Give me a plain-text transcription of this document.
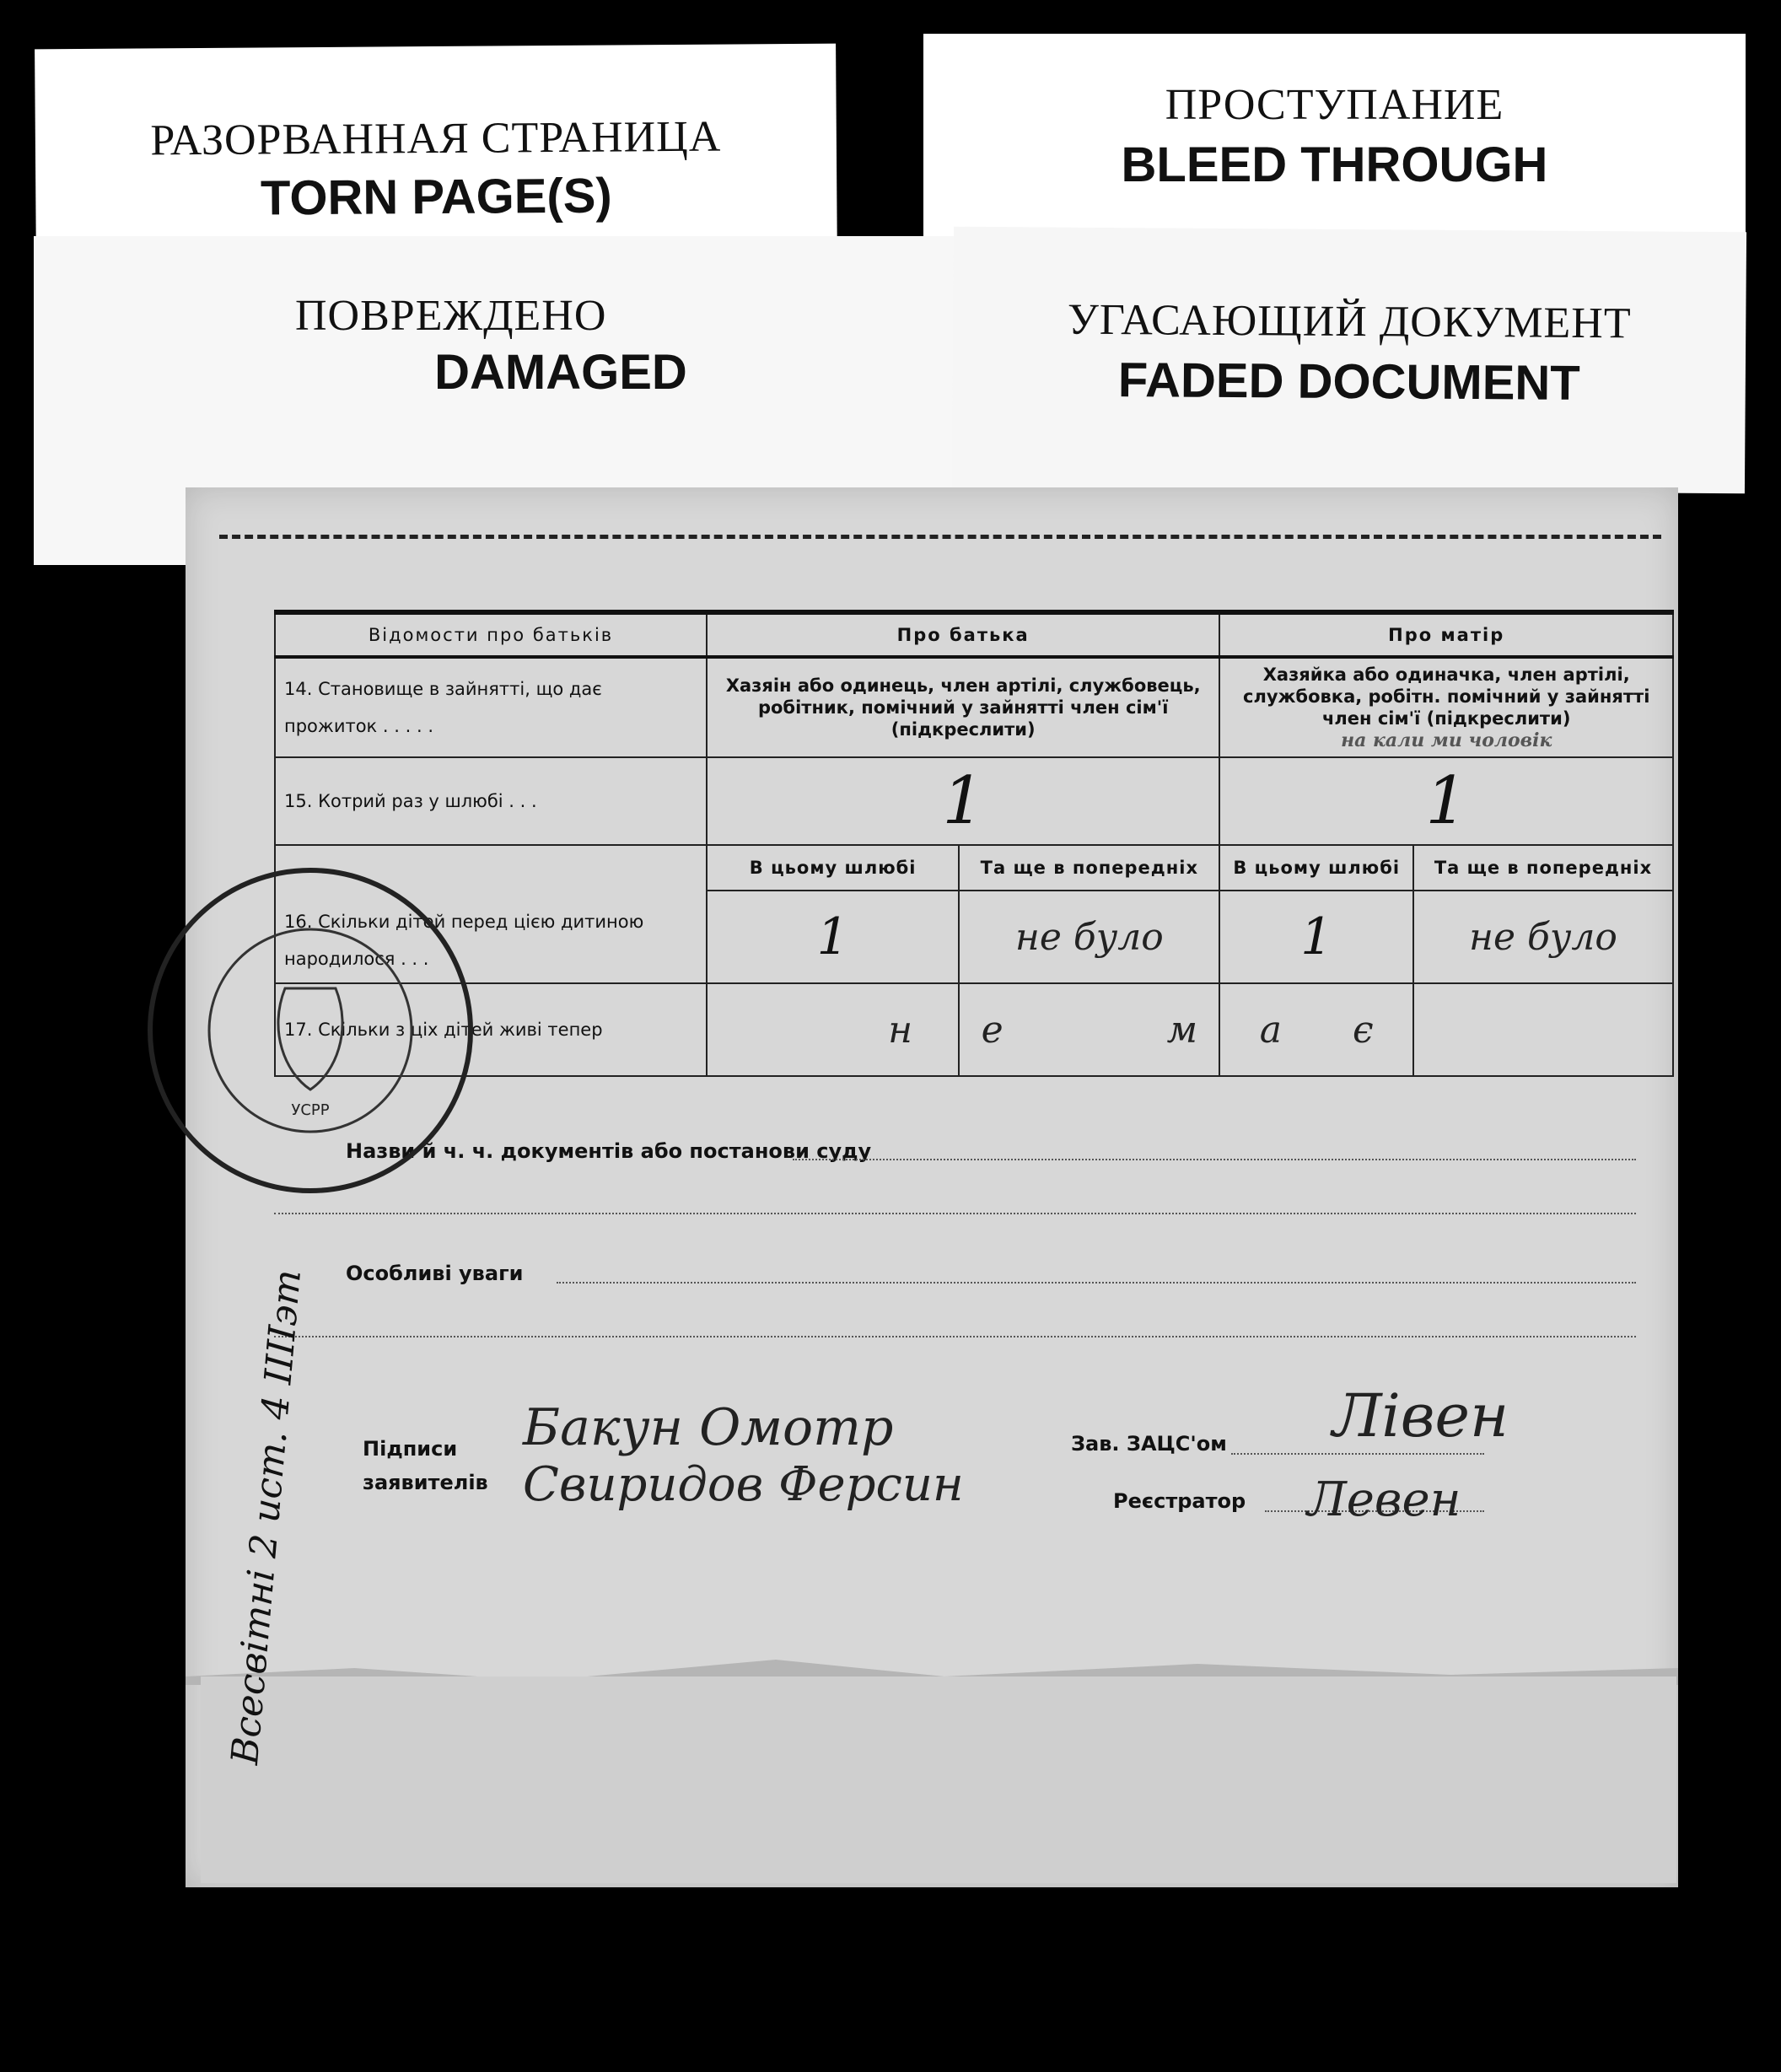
РАЗОРВАННАЯ СТРАНИЦА
TORN PAGE(S)
ПРОСТУПАНИЕ
BLEED THROUGH
ПОВРЕЖДЕНО
DAMAGED
УГАСАЮЩИЙ ДОКУМЕНТ
FADED DOCUMENT
Відомости про батьків	Про батька		Про матір	
14. Становище в зайнятті, що дає прожиток . . . . .	Хазяін або одинець, член артілі, службовець, робітник, помічний у зайнятті член сім'ї (підкреслити)		Хазяйка або одиначка, член артілі, службовка, робітн. помічний у зайнятті член сім'ї (підкреслити)
на кали ми чоловік	

15. Котрий раз у шлюбі . . .	1		1	
16. Скільки дітей перед цією дитиною народилося . . .	В цьому шлюбі	Та ще в попередніх	В цьому шлюбі	Та ще в попередніх
	1	не було	1	не було
17. Скільки з ціх дітей живі тепер	н	е м	а є	
Назви й ч. ч. документів або постанови суду
Особливі уваги
Підписи заявителів
Зав. ЗАЦС'ом
Реєстратор
Бакун Омотр
Свиридов Ферсин
Лівен
Левен
УСРР
Всесвітні 2 ист. 4 IIIIэт
